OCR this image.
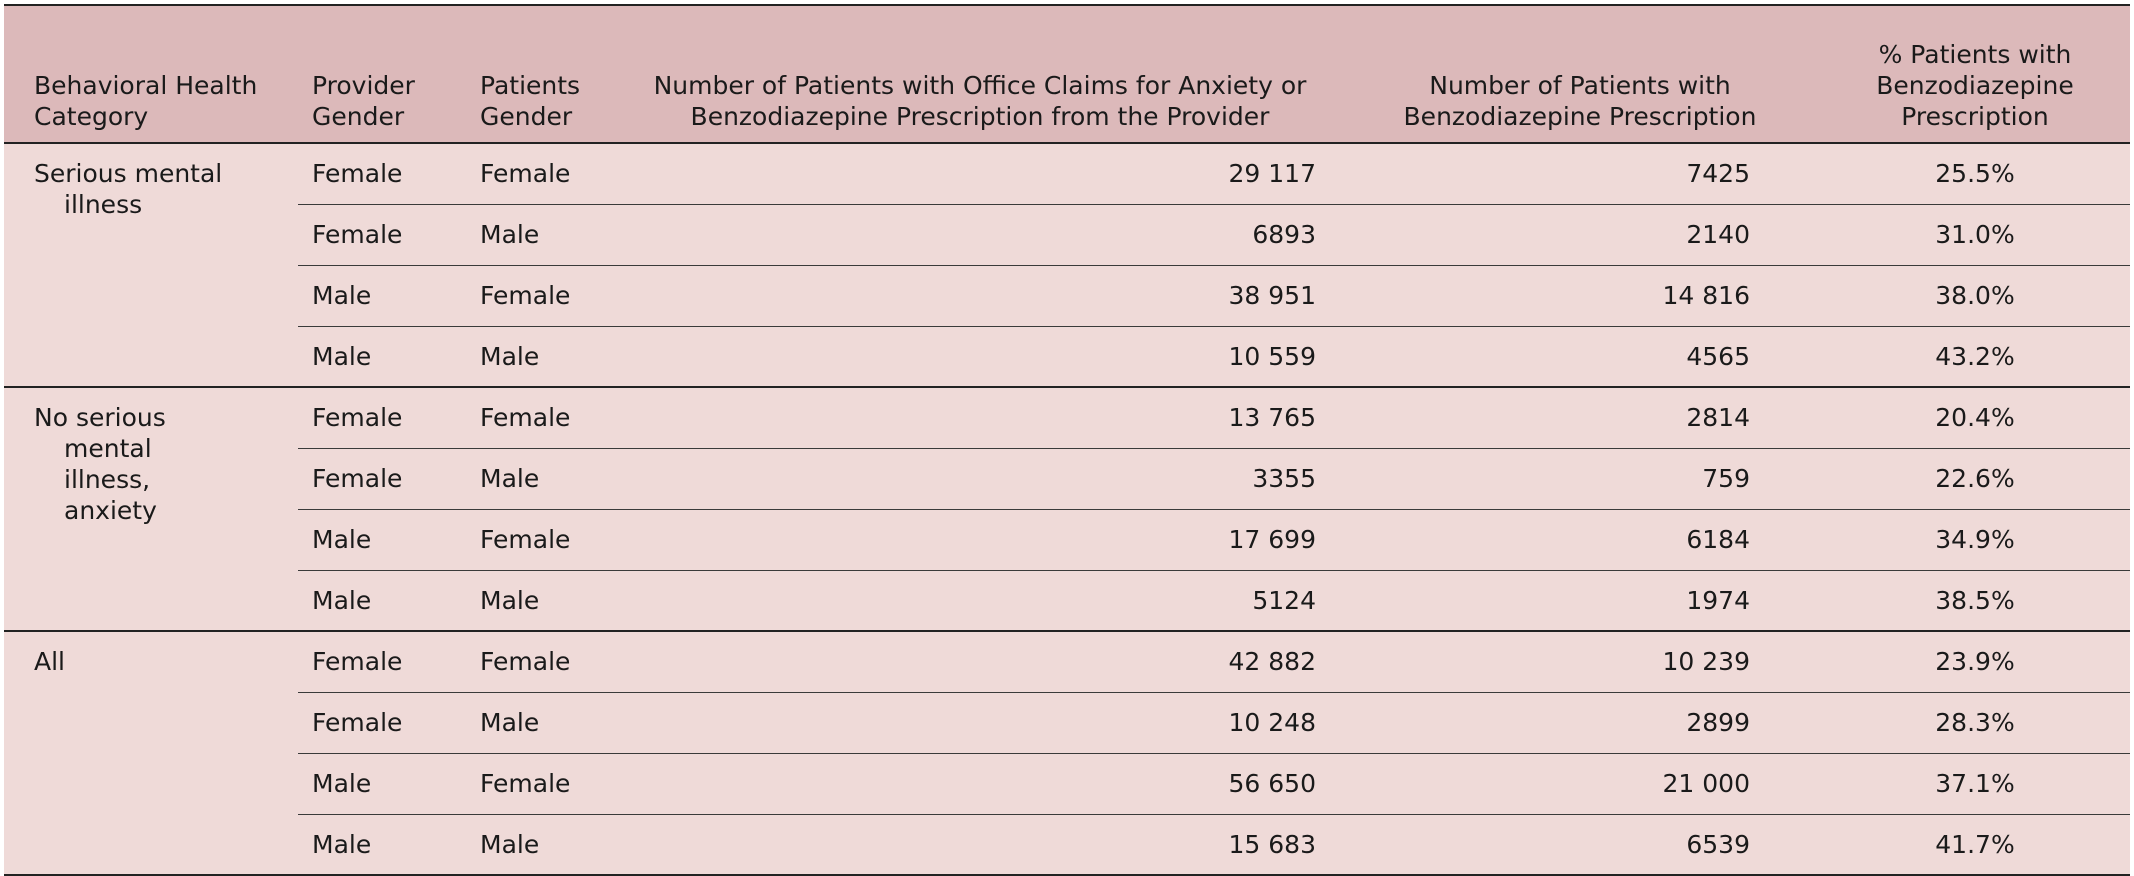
Behavioral Health Category	Provider Gender	Patients Gender	Number of Patients with Office Claims for Anxiety or Benzodiazepine Prescription from the Provider	Number of Patients with Benzodiazepine Prescription	% Patients with Benzodiazepine Prescription

Serious mental
illness	Female	Female	29 117	7425	25.5%
	Female	Male	6893	2140	31.0%
	Male	Female	38 951	14 816	38.0%
	Male	Male	10 559	4565	43.2%

No serious
mental
illness,
anxiety	Female	Female	13 765	2814	20.4%
	Female	Male	3355	759	22.6%
	Male	Female	17 699	6184	34.9%
	Male	Male	5124	1974	38.5%

All	Female	Female	42 882	10 239	23.9%
	Female	Male	10 248	2899	28.3%
	Male	Female	56 650	21 000	37.1%
	Male	Male	15 683	6539	41.7%
